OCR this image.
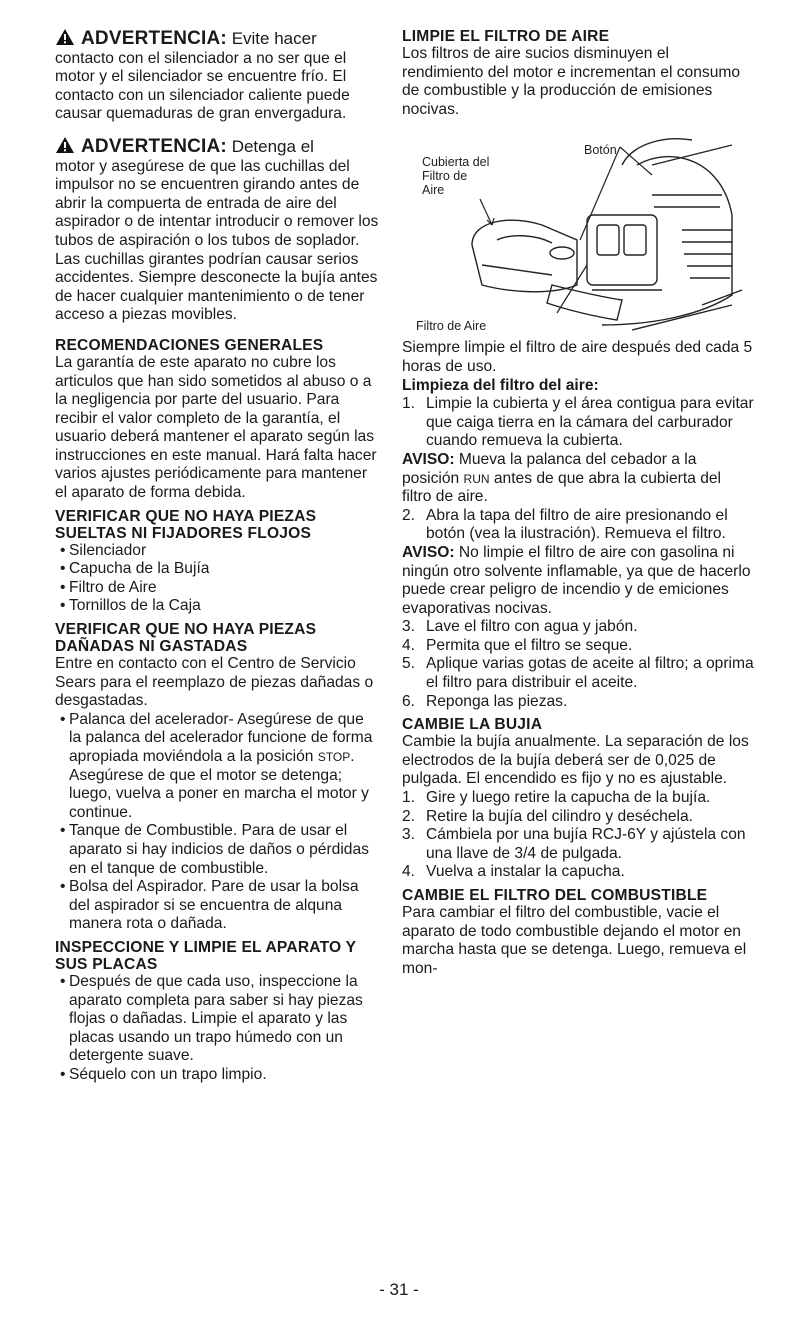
ADVERTENCIA: Evite hacer

contacto con el silenciador a no ser que el motor y el silenciador se encuentre frío. El contacto con un silenciador caliente puede causar quemaduras de gran envergadura.

ADVERTENCIA: Detenga el

motor y asegúrese de que las cuchillas del impulsor no se encuentren girando antes de abrir la compuerta de entrada de aire del aspirador o de intentar introducir o remover los tubos de aspiración o los tubos de soplador. Las cuchillas girantes podrían causar serios accidentes. Siempre desconecte la bujía antes de hacer cualquier mantenimiento o de tener acceso a piezas movibles.

RECOMENDACIONES GENERALES

La garantía de este aparato no cubre los articulos que han sido sometidos al abuso o a la negligencia por parte del usuario. Para recibir el valor completo de la garantía, el usuario deberá mantener el aparato según las instrucciones en este manual. Hará falta hacer varios ajustes periódicamente para mantener el aparato de forma debida.

VERIFICAR QUE NO HAYA PIEZAS SUELTAS NI FIJADORES FLOJOS
• Silenciador
• Capucha de la Bujía
• Filtro de Aire
• Tornillos de la Caja
VERIFICAR QUE NO HAYA PIEZAS DAÑADAS NI GASTADAS

Entre en contacto con el Centro de Servicio Sears para el reemplazo de piezas dañadas o desgastadas.

• Palanca del acelerador- Asegúrese de que la palanca del acelerador funcione de forma apropiada moviéndola a la posición STOP. Asegúrese de que el motor se detenga; luego, vuelva a poner en marcha el motor y continue.
• Tanque de Combustible. Para de usar el aparato si hay indicios de daños o pérdidas en el tanque de combustible.
• Bolsa del Aspirador. Pare de usar la bolsa del aspirador si se encuentra de alquna manera rota o dañada.
INSPECCIONE Y LIMPIE EL APARATO Y SUS PLACAS
• Después de que cada uso, inspeccione la aparato completa para saber si hay piezas flojas o dañadas. Limpie el aparato y las placas usando un trapo húmedo con un detergente suave.
• Séquelo con un trapo limpio.
LIMPIE EL FILTRO DE AIRE

Los filtros de aire sucios disminuyen el rendimiento del motor e incrementan el consumo de combustible y la producción de emisiones nocivas.

Cubierta del Filtro de Aire
Botón
Filtro de Aire

Siempre limpie el filtro de aire después ded cada 5 horas de uso.

Limpieza del filtro del aire:

1. Limpie la cubierta y el área contigua para evitar que caiga tierra en la cámara del carburador cuando remueva la cubierta.

AVISO: Mueva la palanca del cebador a la posición RUN antes de que abra la cubierta del filtro de aire.

2. Abra la tapa del filtro de aire presionando el botón (vea la ilustración). Remueva el filtro.

AVISO: No limpie el filtro de aire con gasolina ni ningún otro solvente inflamable, ya que de hacerlo puede crear peligro de incendio y de emiciones evaporativas nocivas.

3. Lave el filtro con agua y jabón.
4. Permita que el filtro se seque.
5. Aplique varias gotas de aceite al filtro; a oprima el filtro para distribuir el aceite.
6. Reponga las piezas.
CAMBIE LA BUJIA

Cambie la bujía anualmente. La separación de los electrodos de la bujía deberá ser de 0,025 de pulgada. El encendido es fijo y no es ajustable.

1. Gire y luego retire la capucha de la bujía.
2. Retire la bujía del cilindro y deséchela.
3. Cámbiela por una bujía RCJ-6Y y ajústela con una llave de 3/4 de pulgada.
4. Vuelva a instalar la capucha.
CAMBIE EL FILTRO DEL COMBUSTIBLE

Para cambiar el filtro del combustible, vacie el aparato de todo combustible dejando el motor en marcha hasta que se detenga. Luego, remueva el mon-

- 31 -
